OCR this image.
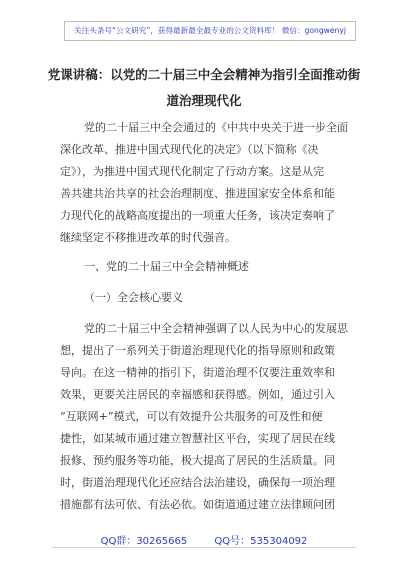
关注头条号“公文研究”，获得最新最全最专业的公文资料库！ 微信：gongwenyj
党课讲稿：以党的二十届三中全会精神为指引全面推动街
道治理现代化
党的二十届三中全会通过的《中共中央关于进一步全面
深化改革、推进中国式现代化的决定》（以下简称《决
定》），为推进中国式现代化制定了行动方案。这是从完
善共建共治共享的社会治理制度、推进国家安全体系和能
力现代化的战略高度提出的一项重大任务，该决定奏响了
继续坚定不移推进改革的时代强音。
一、党的二十届三中全会精神概述
（一）全会核心要义
党的二十届三中全会精神强调了以人民为中心的发展思
想，提出了一系列关于街道治理现代化的指导原则和政策
导向。在这一精神的指引下，街道治理不仅要注重效率和
效果，更要关注居民的幸福感和获得感。例如，通过引入
“互联网+”模式，可以有效提升公共服务的可及性和便
捷性，如某城市通过建立智慧社区平台，实现了居民在线
报修、预约服务等功能，极大提高了居民的生活质量。同
时，街道治理现代化还应结合法治建设，确保每一项治理
措施都有法可依、有法必依。如街道通过建立法律顾问团
QQ群：30265665	QQ号：535304092
